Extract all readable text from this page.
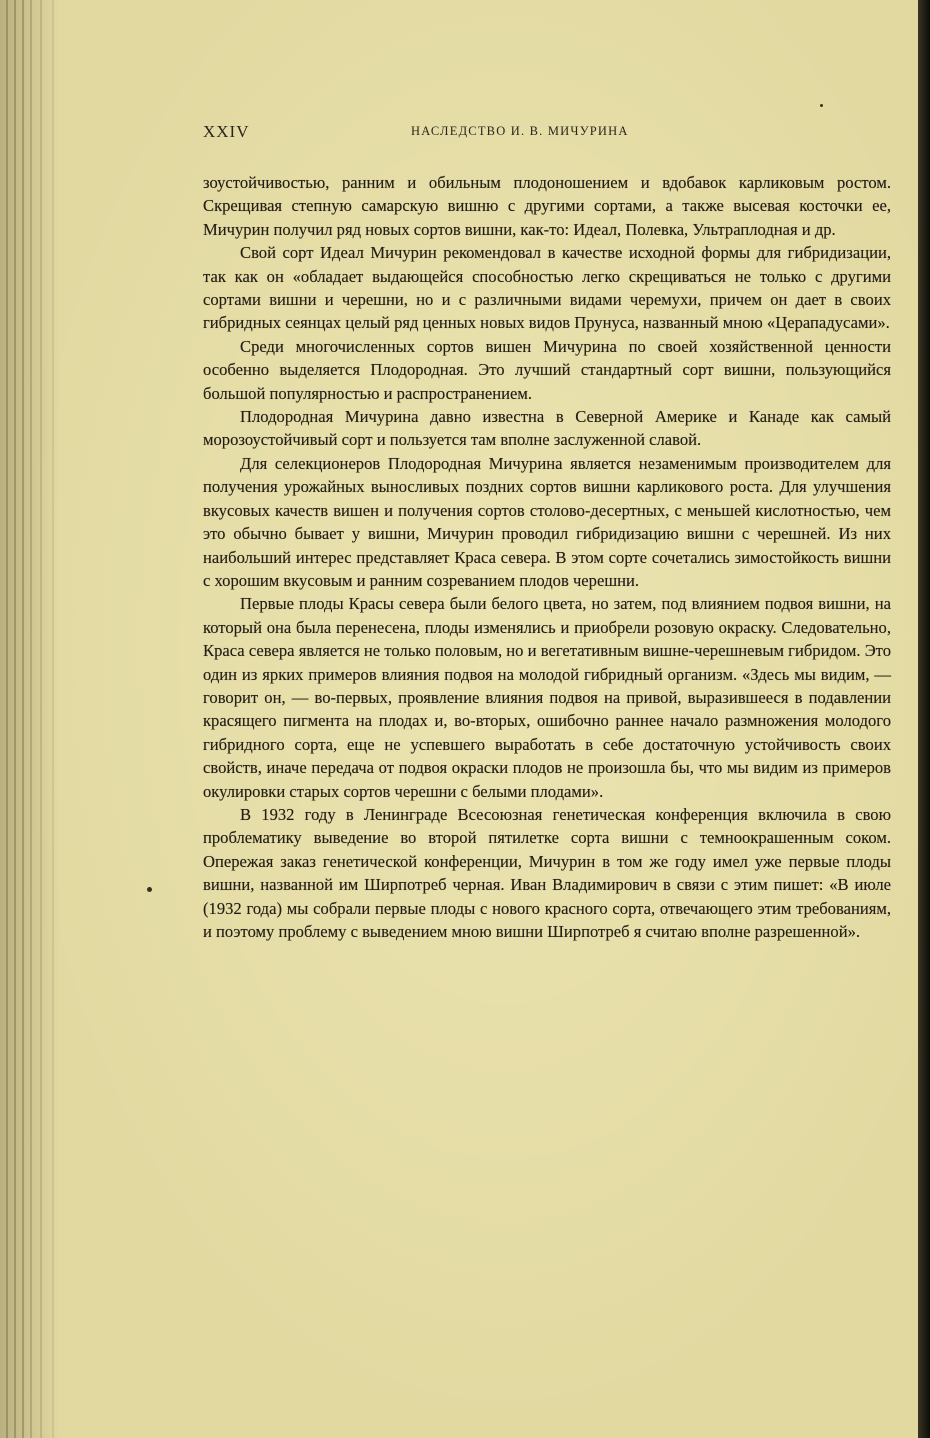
XXIV	НАСЛЕДСТВО И. В. МИЧУРИНА

зоустойчивостью, ранним и обильным плодоношением и вдобавок карликовым ростом. Скрещивая степную самарскую вишню с другими сортами, а также высевая косточки ее, Мичурин получил ряд новых сортов вишни, как-то: Идеал, Полевка, Ультраплодная и др.

Свой сорт Идеал Мичурин рекомендовал в качестве исходной формы для гибридизации, так как он «обладает выдающейся способностью легко скрещиваться не только с другими сортами вишни и черешни, но и с различными видами черемухи, причем он дает в своих гибридных сеянцах целый ряд ценных новых видов Прунуса, названный мною «Церападусами».

Среди многочисленных сортов вишен Мичурина по своей хозяйственной ценности особенно выделяется Плодородная. Это лучший стандартный сорт вишни, пользующийся большой популярностью и распространением.

Плодородная Мичурина давно известна в Северной Америке и Канаде как самый морозоустойчивый сорт и пользуется там вполне заслуженной славой.

Для селекционеров Плодородная Мичурина является незаменимым производителем для получения урожайных выносливых поздних сортов вишни карликового роста. Для улучшения вкусовых качеств вишен и получения сортов столово-десертных, с меньшей кислотностью, чем это обычно бывает у вишни, Мичурин проводил гибридизацию вишни с черешней. Из них наибольший интерес представляет Краса севера. В этом сорте сочетались зимостойкость вишни с хорошим вкусовым и ранним созреванием плодов черешни.

Первые плоды Красы севера были белого цвета, но затем, под влиянием подвоя вишни, на который она была перенесена, плоды изменялись и приобрели розовую окраску. Следовательно, Краса севера является не только половым, но и вегетативным вишне-черешневым гибридом. Это один из ярких примеров влияния подвоя на молодой гибридный организм. «Здесь мы видим, — говорит он, — во-первых, проявление влияния подвоя на привой, выразившееся в подавлении красящего пигмента на плодах и, во-вторых, ошибочно раннее начало размножения молодого гибридного сорта, еще не успевшего выработать в себе достаточную устойчивость своих свойств, иначе передача от подвоя окраски плодов не произошла бы, что мы видим из примеров окулировки старых сортов черешни с белыми плодами».

В 1932 году в Ленинграде Всесоюзная генетическая конференция включила в свою проблематику выведение во второй пятилетке сорта вишни с темноокрашенным соком. Опережая заказ генетической конференции, Мичурин в том же году имел уже первые плоды вишни, названной им Ширпотреб черная. Иван Владимирович в связи с этим пишет: «В июле (1932 года) мы собрали первые плоды с нового красного сорта, отвечающего этим требованиям, и поэтому проблему с выведением мною вишни Ширпотреб я считаю вполне разрешенной».
